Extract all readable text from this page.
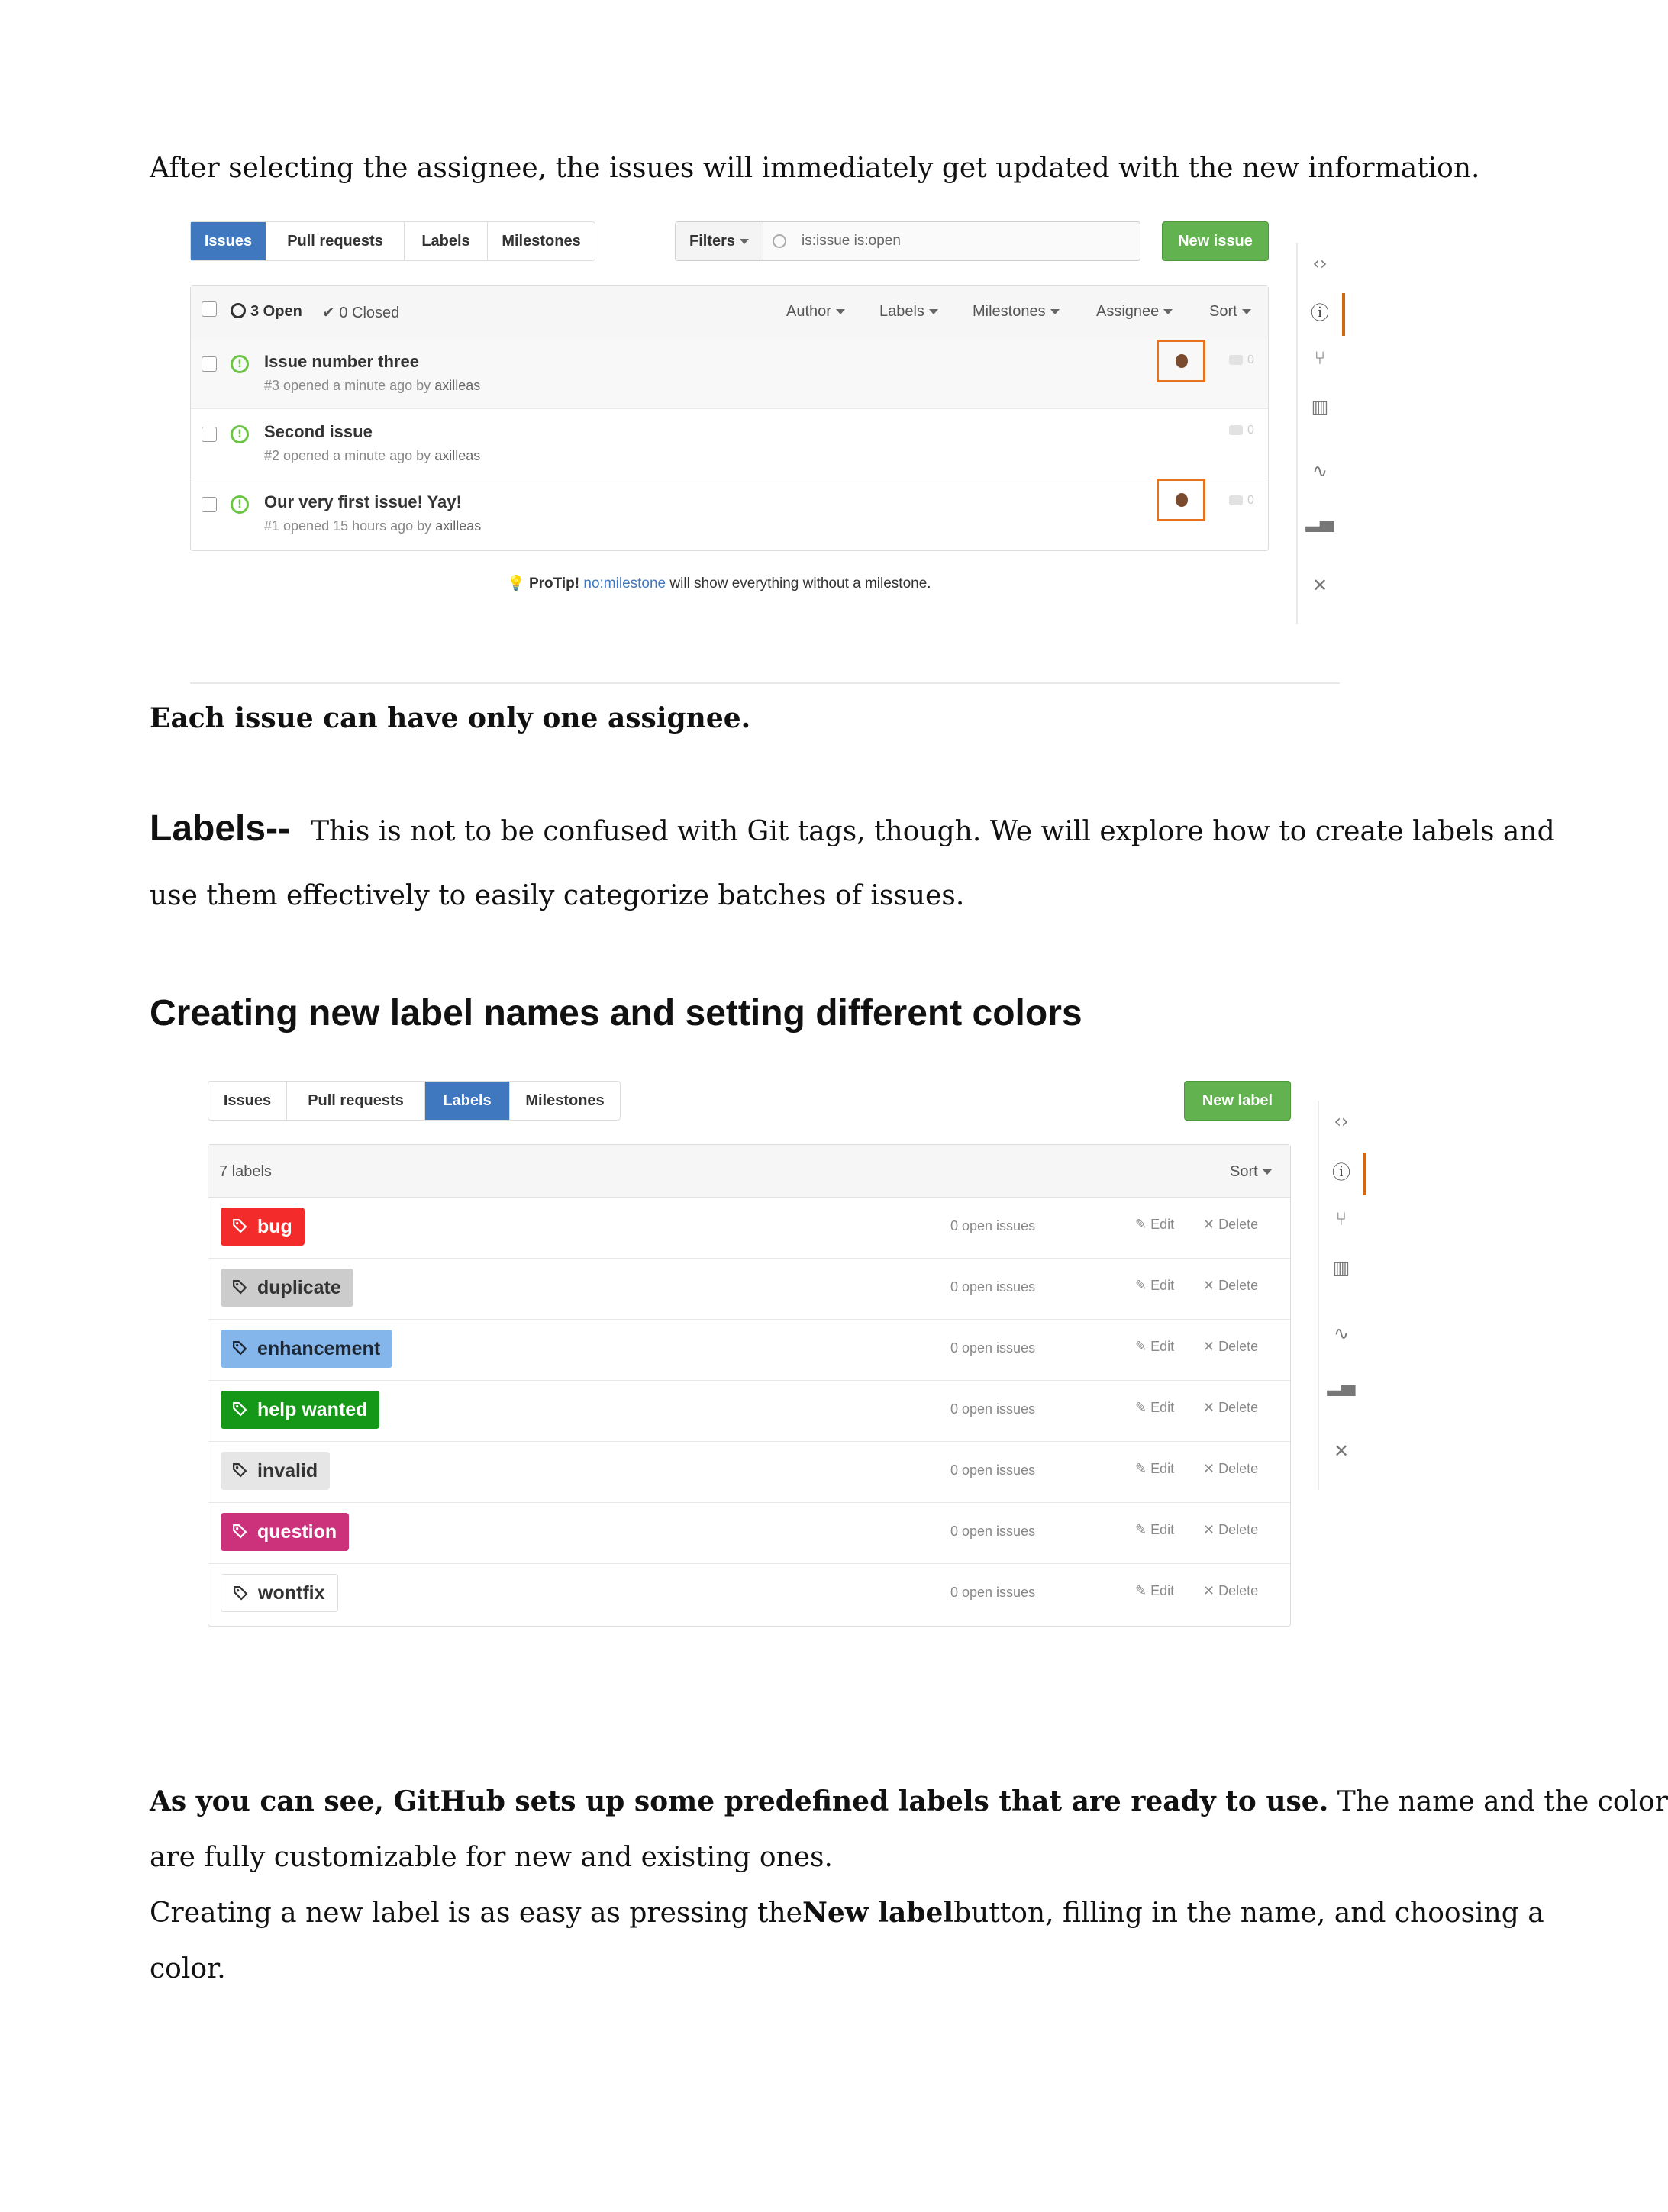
After selecting the assignee, the issues will immediately get updated with the new information.
Issues	Pull requests	Labels	Milestones	Filters	is:issue is:open	New issue
3 Open ✔ 0 Closed	Author	Labels	Milestones	Assignee	Sort
!	Issue number three
#3 opened a minute ago by axilleas
0
!	Second issue
#2 opened a minute ago by axilleas
0
!	Our very first issue! Yay!
#1 opened 15 hours ago by axilleas
0
💡 ProTip! no:milestone will show everything without a milestone.
‹›
ⓘ
⑂
▥
∿
▂▄
✕
Each issue can have only one assignee.
Labels-- This is not to be confused with Git tags, though. We will explore how to create labels and
use them effectively to easily categorize batches of issues.
Creating new label names and setting different colors
Issues	Pull requests	Labels	Milestones	New label
7 labels	Sort
bug	0 open issues	✎ Edit ✕ Delete
duplicate	0 open issues	✎ Edit ✕ Delete
enhancement	0 open issues	✎ Edit ✕ Delete
help wanted	0 open issues	✎ Edit ✕ Delete
invalid	0 open issues	✎ Edit ✕ Delete
question	0 open issues	✎ Edit ✕ Delete
wontfix	0 open issues	✎ Edit ✕ Delete
‹›
ⓘ
⑂
▥
∿
▂▄
✕
As you can see, GitHub sets up some predefined labels that are ready to use. The name and the color
are fully customizable for new and existing ones.
Creating a new label is as easy as pressing the New label button, filling in the name, and choosing a
color.
